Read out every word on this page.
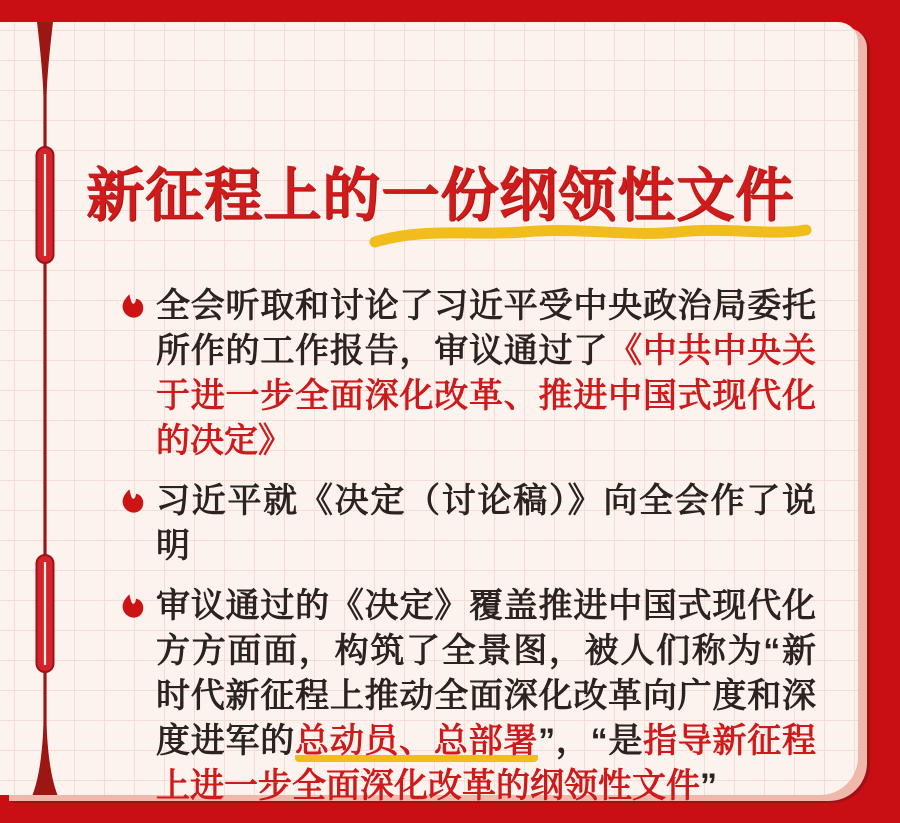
新征程上的一份纲领性文件

全会听取和讨论了习近平受中央政治局委托所作的工作报告，审议通过了《中共中央关于进一步全面深化改革、推进中国式现代化的决定》

习近平就《决定（讨论稿）》向全会作了说明

审议通过的《决定》覆盖推进中国式现代化方方面面，构筑了全景图，被人们称为“新时代新征程上推动全面深化改革向广度和深度进军的总动员、总部署”，“是指导新征程上进一步全面深化改革的纲领性文件”
